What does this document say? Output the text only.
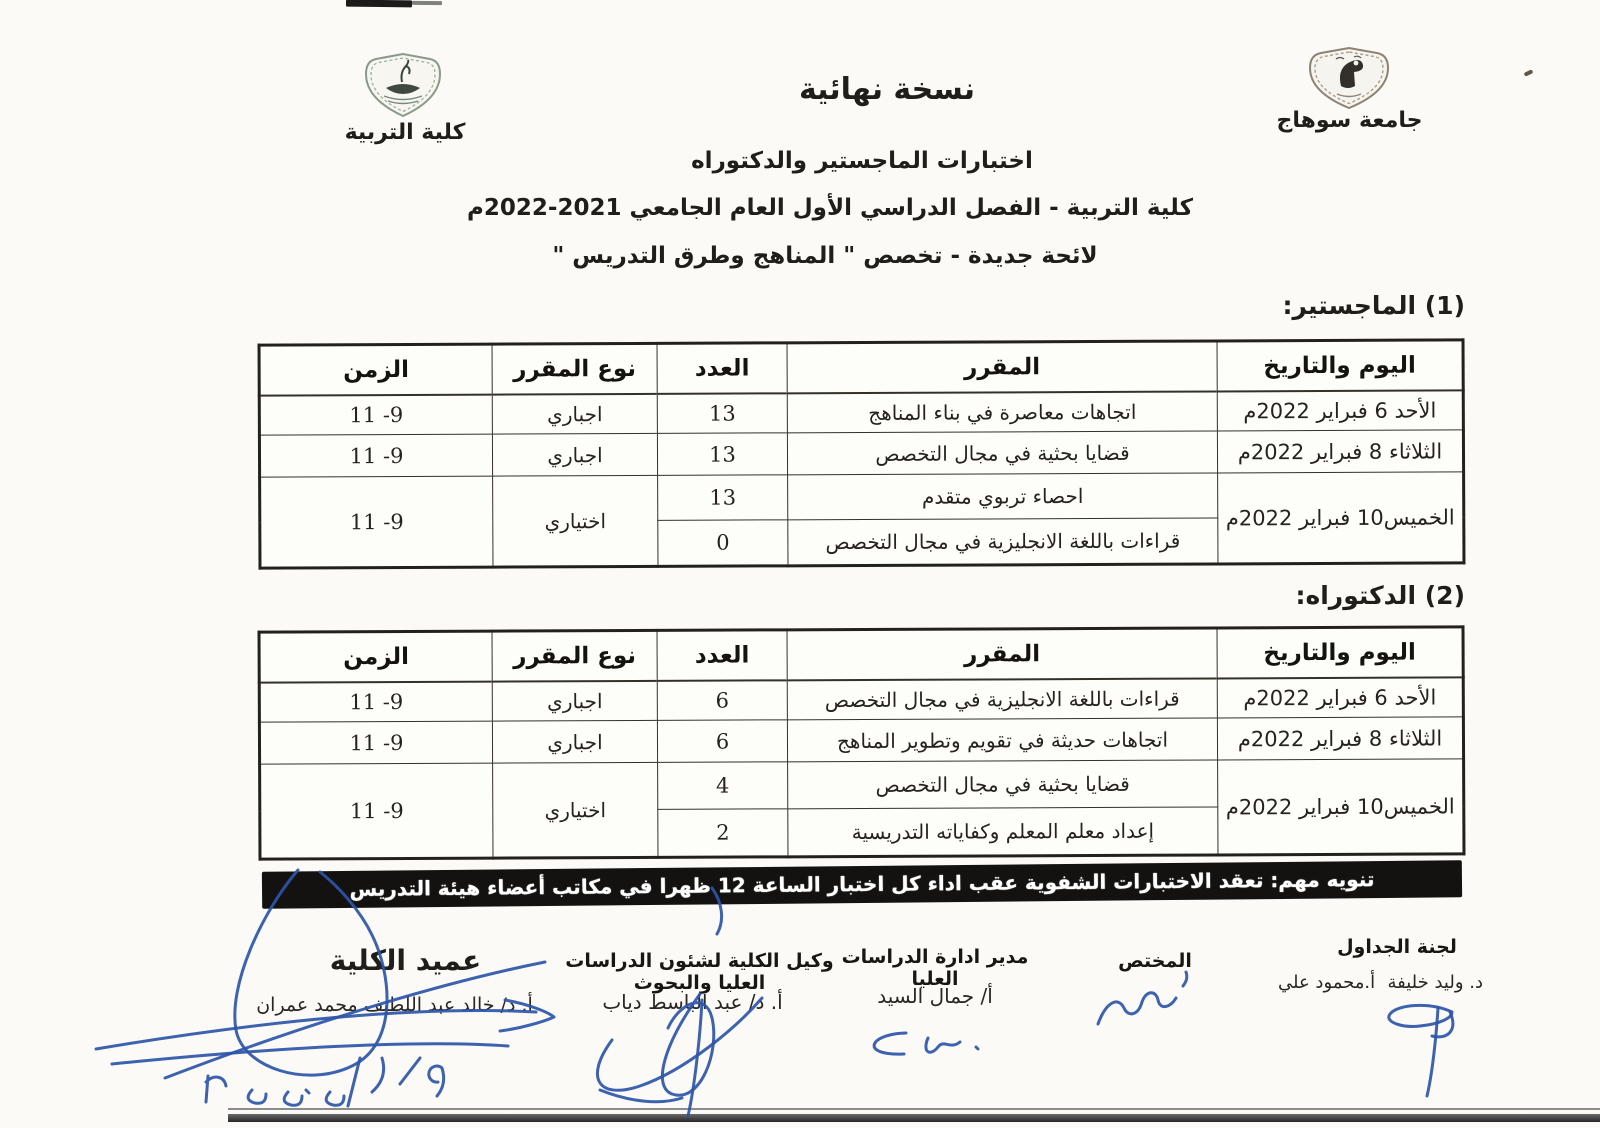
جامعة سوهاج
كلية التربية
نسخة نهائية
اختبارات الماجستير والدكتوراه
كلية التربية - الفصل الدراسي الأول العام الجامعي 2021-2022م
لائحة جديدة - تخصص " المناهج وطرق التدريس "
(1) الماجستير:
اليوم والتاريخ	المقرر	العدد	نوع المقرر	الزمن
الأحد 6 فبراير 2022م	اتجاهات معاصرة في بناء المناهج	13	اجباري	9- 11
الثلاثاء 8 فبراير 2022م	قضايا بحثية في مجال التخصص	13	اجباري	9- 11
الخميس10 فبراير 2022م	احصاء تربوي متقدم	13	اختياري	9- 11
	قراءات باللغة الانجليزية في مجال التخصص	0		
(2) الدكتوراه:
اليوم والتاريخ	المقرر	العدد	نوع المقرر	الزمن
الأحد 6 فبراير 2022م	قراءات باللغة الانجليزية في مجال التخصص	6	اجباري	9- 11
الثلاثاء 8 فبراير 2022م	اتجاهات حديثة في تقويم وتطوير المناهج	6	اجباري	9- 11
الخميس10 فبراير 2022م	قضايا بحثية في مجال التخصص	4	اختياري	9- 11
	إعداد معلم المعلم وكفاياته التدريسية	2		
تنويه مهم: تعقد الاختبارات الشفوية عقب اداء كل اختبار الساعة 12 ظهرا في مكاتب أعضاء هيئة التدريس
لجنة الجداول
د. وليد خليفة
أ.محمود علي
المختص
مدير ادارة الدراسات العليا
أ/ جمال السيد
وكيل الكلية لشئون الدراسات العليا والبحوث
أ. د/ عبد الباسط دياب
عميد الكلية
أ. د/ خالد عبد اللطيف محمد عمران
